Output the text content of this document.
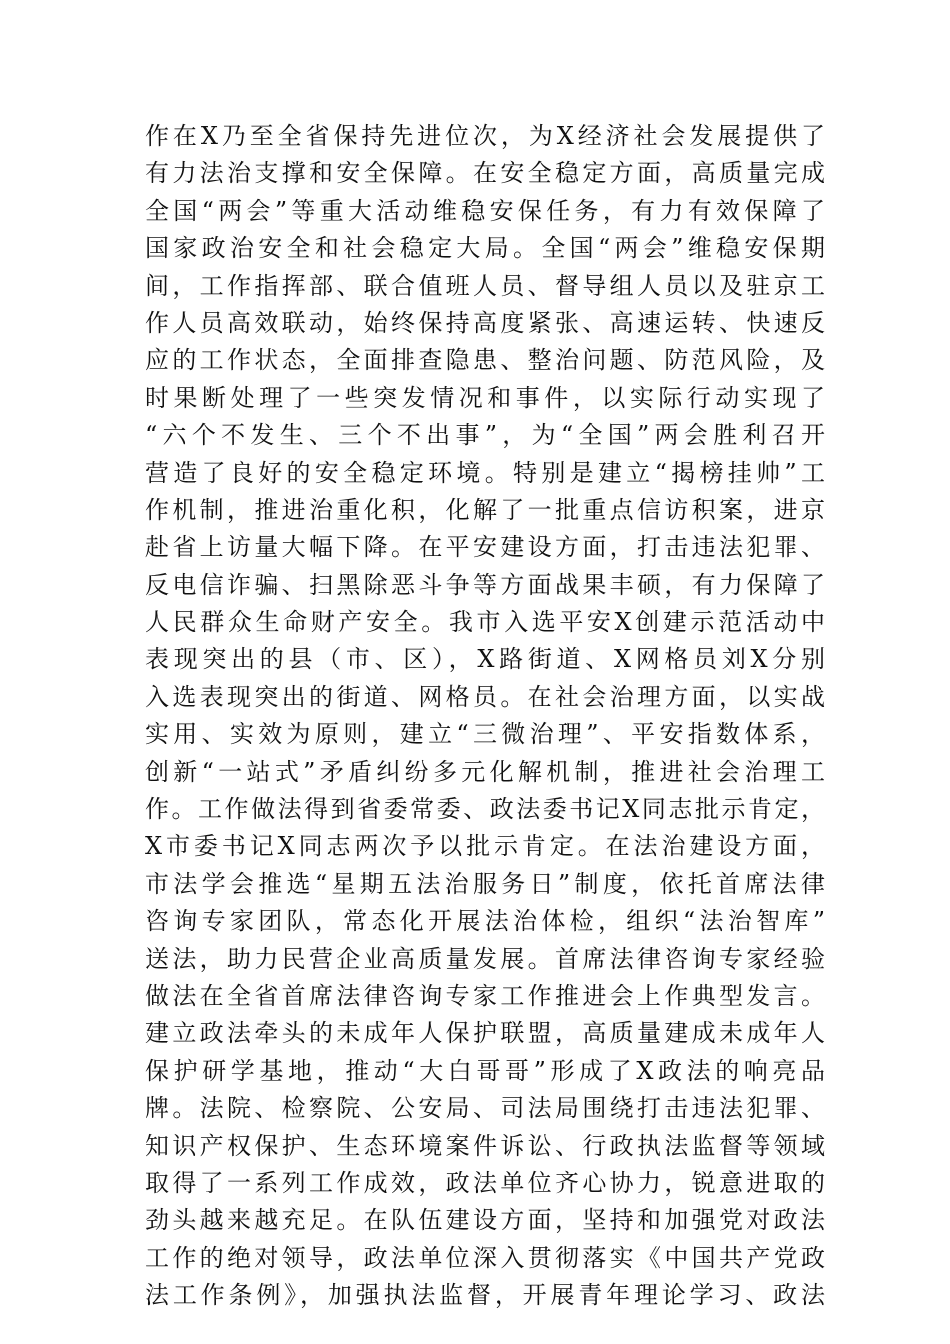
作在X乃至全省保持先进位次，为X经济社会发展提供了
有力法治支撑和安全保障。在安全稳定方面，高质量完成
全国“两会”等重大活动维稳安保任务，有力有效保障了
国家政治安全和社会稳定大局。全国“两会”维稳安保期
间，工作指挥部、联合值班人员、督导组人员以及驻京工
作人员高效联动，始终保持高度紧张、高速运转、快速反
应的工作状态，全面排查隐患、整治问题、防范风险，及
时果断处理了一些突发情况和事件，以实际行动实现了
“六个不发生、三个不出事”，为“全国”两会胜利召开
营造了良好的安全稳定环境。特别是建立“揭榜挂帅”工
作机制，推进治重化积，化解了一批重点信访积案，进京
赴省上访量大幅下降。在平安建设方面，打击违法犯罪、
反电信诈骗、扫黑除恶斗争等方面战果丰硕，有力保障了
人民群众生命财产安全。我市入选平安X创建示范活动中
表现突出的县（市、区），X路街道、X网格员刘X分别
入选表现突出的街道、网格员。在社会治理方面，以实战
实用、实效为原则，建立“三微治理”、平安指数体系，
创新“一站式”矛盾纠纷多元化解机制，推进社会治理工
作。工作做法得到省委常委、政法委书记X同志批示肯定，
X市委书记X同志两次予以批示肯定。在法治建设方面，
市法学会推选“星期五法治服务日”制度，依托首席法律
咨询专家团队，常态化开展法治体检，组织“法治智库”
送法，助力民营企业高质量发展。首席法律咨询专家经验
做法在全省首席法律咨询专家工作推进会上作典型发言。
建立政法牵头的未成年人保护联盟，高质量建成未成年人
保护研学基地，推动“大白哥哥”形成了X政法的响亮品
牌。法院、检察院、公安局、司法局围绕打击违法犯罪、
知识产权保护、生态环境案件诉讼、行政执法监督等领域
取得了一系列工作成效，政法单位齐心协力，锐意进取的
劲头越来越充足。在队伍建设方面，坚持和加强党对政法
工作的绝对领导，政法单位深入贯彻落实《中国共产党政
法工作条例》，加强执法监督，开展青年理论学习、政法
